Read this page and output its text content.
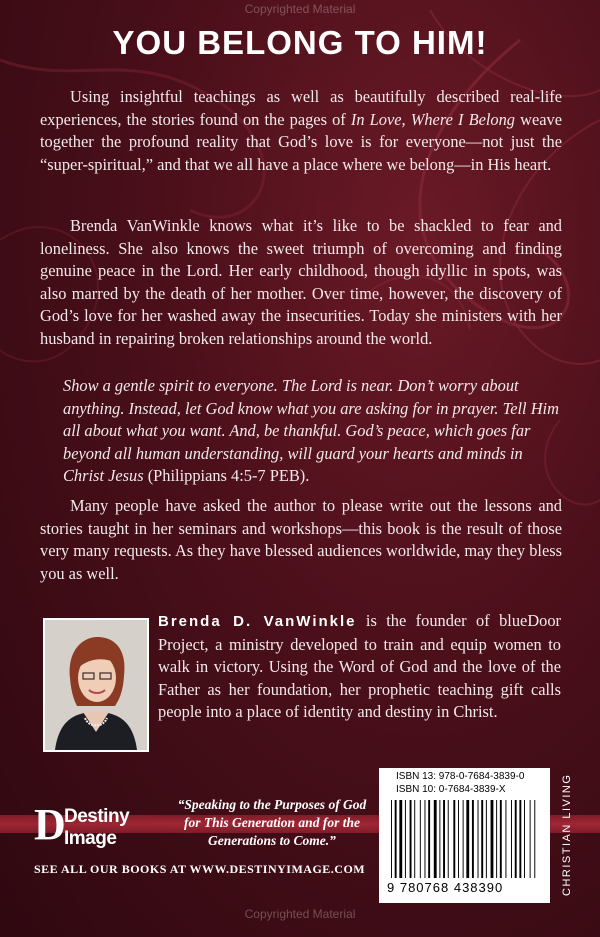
Copyrighted Material
YOU BELONG TO HIM!

Using insightful teachings as well as beautifully described real-life experiences, the stories found on the pages of In Love, Where I Belong weave together the profound reality that God’s love is for everyone—not just the “super-spiritual,” and that we all have a place where we belong—in His heart.

Brenda VanWinkle knows what it’s like to be shackled to fear and loneliness. She also knows the sweet triumph of overcoming and finding genuine peace in the Lord. Her early childhood, though idyllic in spots, was also marred by the death of her mother. Over time, however, the discovery of God’s love for her washed away the insecurities. Today she ministers with her husband in repairing broken relationships around the world.

Show a gentle spirit to everyone. The Lord is near. Don’t worry about anything. Instead, let God know what you are asking for in prayer. Tell Him all about what you want. And, be thankful. God’s peace, which goes far beyond all human understanding, will guard your hearts and minds in Christ Jesus (Philippians 4:5-7 PEB).

Many people have asked the author to please write out the lessons and stories taught in her seminars and workshops—this book is the result of those very many requests. As they have blessed audiences worldwide, may they bless you as well.

Brenda D. VanWinkle is the founder of blueDoor Project, a ministry developed to train and equip women to walk in victory. Using the Word of God and the love of the Father as her foundation, her prophetic teaching gift calls people into a place of identity and destiny in Christ.
D
Destiny
Image
“Speaking to the Purposes of God for This Generation and for the Generations to Come.”
SEE ALL OUR BOOKS AT WWW.DESTINYIMAGE.COM
ISBN 13: 978-0-7684-3839-0
ISBN 10: 0-7684-3839-X
9 780768 438390	CHRISTIAN LIVING
Copyrighted Material
